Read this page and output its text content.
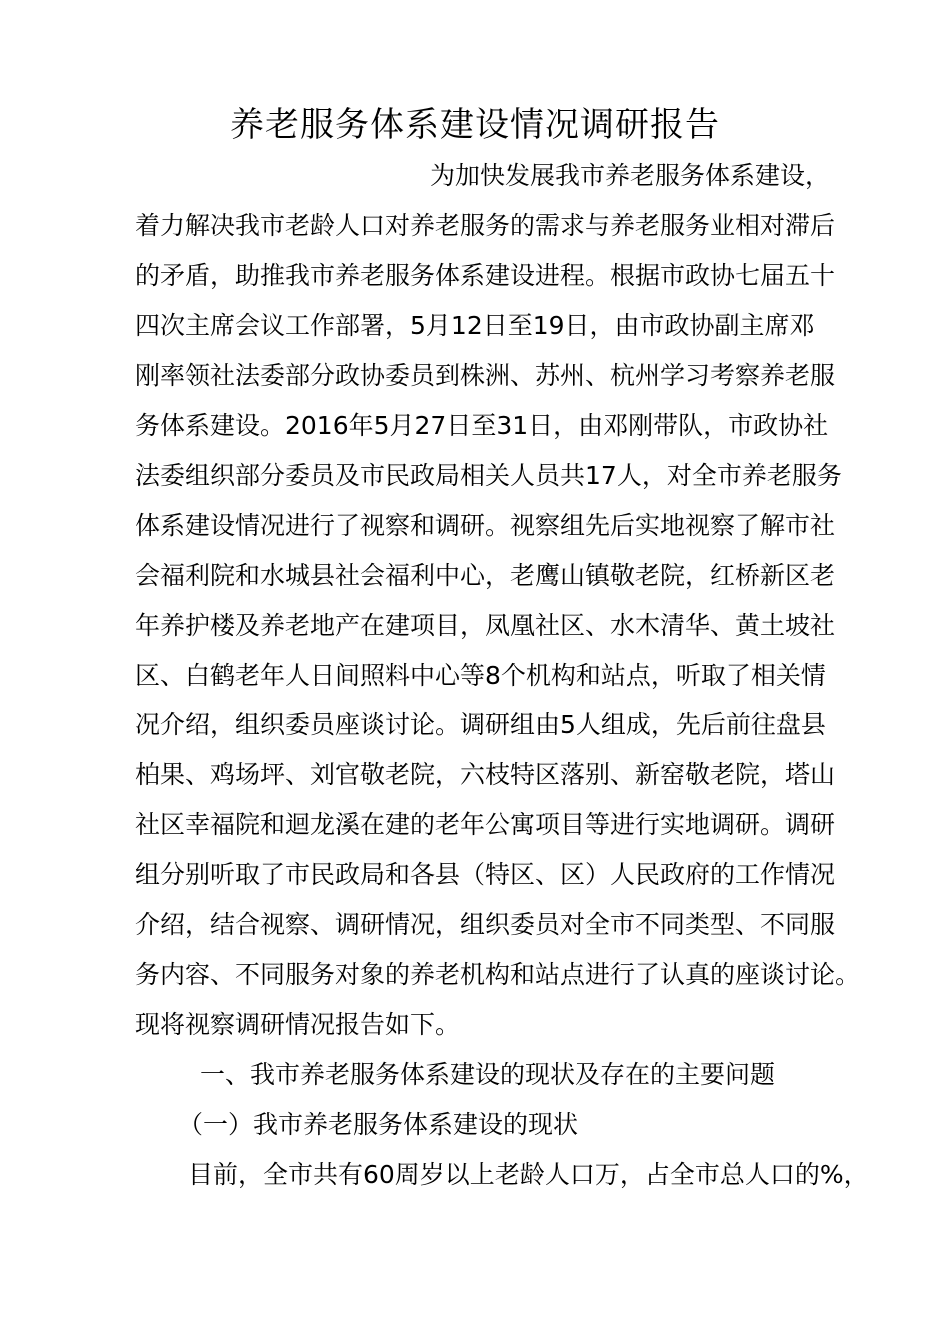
养老服务体系建设情况调研报告
为加快发展我市养老服务体系建设，
着力解决我市老龄人口对养老服务的需求与养老服务业相对滞后
的矛盾，助推我市养老服务体系建设进程。根据市政协七届五十
四次主席会议工作部署，5月12日至19日，由市政协副主席邓
刚率领社法委部分政协委员到株洲、苏州、杭州学习考察养老服
务体系建设。2016年5月27日至31日，由邓刚带队，市政协社
法委组织部分委员及市民政局相关人员共17人，对全市养老服务
体系建设情况进行了视察和调研。视察组先后实地视察了解市社
会福利院和水城县社会福利中心，老鹰山镇敬老院，红桥新区老
年养护楼及养老地产在建项目，凤凰社区、水木清华、黄土坡社
区、白鹤老年人日间照料中心等8个机构和站点，听取了相关情
况介绍，组织委员座谈讨论。调研组由5人组成，先后前往盘县
柏果、鸡场坪、刘官敬老院，六枝特区落别、新窑敬老院，塔山
社区幸福院和迴龙溪在建的老年公寓项目等进行实地调研。调研
组分别听取了市民政局和各县（特区、区）人民政府的工作情况
介绍，结合视察、调研情况，组织委员对全市不同类型、不同服
务内容、不同服务对象的养老机构和站点进行了认真的座谈讨论。
现将视察调研情况报告如下。
一、我市养老服务体系建设的现状及存在的主要问题
（一）我市养老服务体系建设的现状
目前，全市共有60周岁以上老龄人口万，占全市总人口的%，
